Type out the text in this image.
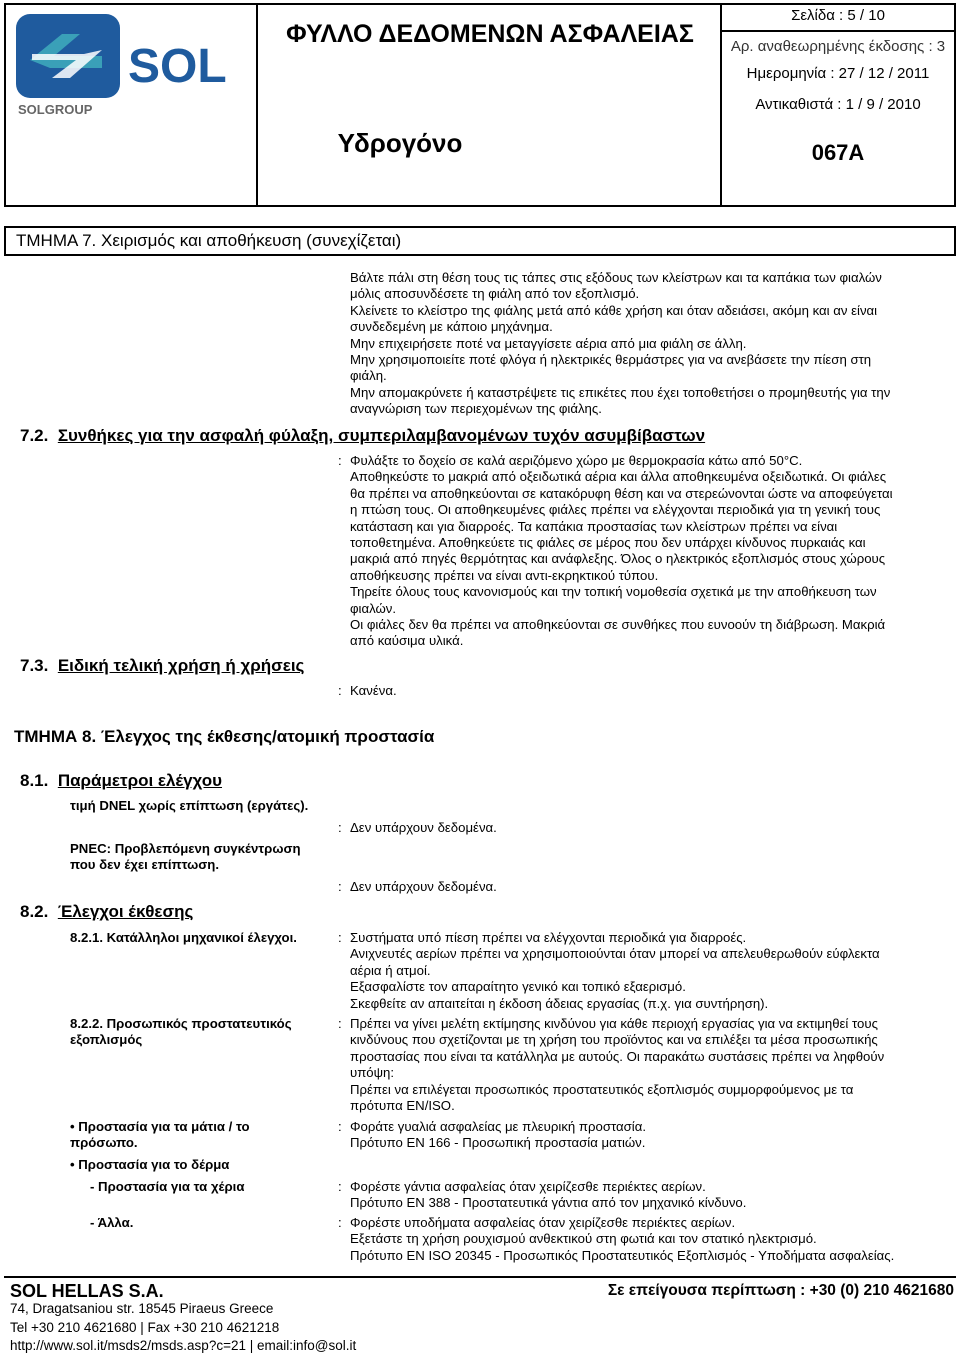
SOL
SOLGROUP
ΦΥΛΛΟ ΔΕΔΟΜΕΝΩΝ ΑΣΦΑΛΕΙΑΣ
Υδρογόνο
Σελίδα : 5 / 10
Αρ. αναθεωρημένης έκδοσης : 3
Ημερομηνία : 27 / 12 / 2011
Αντικαθιστά : 1 / 9 / 2010
067A
ΤΜΗΜΑ 7. Χειρισμός και αποθήκευση (συνεχίζεται)
Βάλτε πάλι στη θέση τους τις τάπες στις εξόδους των κλείστρων και τα καπάκια των φιαλών
μόλις αποσυνδέσετε τη φιάλη από τον εξοπλισμό.
Κλείνετε το κλείστρο της φιάλης μετά από κάθε χρήση και όταν αδειάσει, ακόμη και αν είναι
συνδεδεμένη με κάποιο μηχάνημα.
Μην επιχειρήσετε ποτέ να μεταγγίσετε αέρια από μια φιάλη σε άλλη.
Μην χρησιμοποιείτε ποτέ φλόγα ή ηλεκτρικές θερμάστρες για να ανεβάσετε την πίεση στη
φιάλη.
Μην απομακρύνετε ή καταστρέψετε τις επικέτες που έχει τοποθετήσει ο προμηθευτής για την
αναγνώριση των περιεχομένων της φιάλης.
7.2. Συνθήκες για την ασφαλή φύλαξη, συμπεριλαμβανομένων τυχόν ασυμβίβαστων
: Φυλάξτε το δοχείο σε καλά αεριζόμενο χώρο με θερμοκρασία κάτω από 50°C.
Αποθηκεύστε το μακριά από οξειδωτικά αέρια και άλλα αποθηκευμένα οξειδωτικά. Οι φιάλες
θα πρέπει να αποθηκεύονται σε κατακόρυφη θέση και να στερεώνονται ώστε να αποφεύγεται
η πτώση τους. Οι αποθηκευμένες φιάλες πρέπει να ελέγχονται περιοδικά για τη γενική τους
κατάσταση και για διαρροές. Τα καπάκια προστασίας των κλείστρων πρέπει να είναι
τοποθετημένα. Αποθηκεύετε τις φιάλες σε μέρος που δεν υπάρχει κίνδυνος πυρκαιάς και
μακριά από πηγές θερμότητας και ανάφλεξης. Όλος ο ηλεκτρικός εξοπλισμός στους χώρους
αποθήκευσης πρέπει να είναι αντι-εκρηκτικού τύπου.
Τηρείτε όλους τους κανονισμούς και την τοπική νομοθεσία σχετικά με την αποθήκευση των
φιαλών.
Οι φιάλες δεν θα πρέπει να αποθηκεύονται σε συνθήκες που ευνοούν τη διάβρωση. Μακριά
από καύσιμα υλικά.
7.3. Ειδική τελική χρήση ή χρήσεις
: Κανένα.
ΤΜΗΜΑ 8. Έλεγχος της έκθεσης/ατομική προστασία
8.1. Παράμετροι ελέγχου
τιμή DNEL χωρίς επίπτωση (εργάτες).
: Δεν υπάρχουν δεδομένα.
PNEC: Προβλεπόμενη συγκέντρωση
που δεν έχει επίπτωση.
: Δεν υπάρχουν δεδομένα.
8.2. Έλεγχοι έκθεσης
8.2.1. Κατάλληλοι μηχανικοί έλεγχοι.	: Συστήματα υπό πίεση πρέπει να ελέγχονται περιοδικά για διαρροές.
Ανιχνευτές αερίων πρέπει να χρησιμοποιούνται όταν μπορεί να απελευθερωθούν εύφλεκτα
αέρια ή ατμοί.
Εξασφαλίστε τον απαραίτητο γενικό και τοπικό εξαερισμό.
Σκεφθείτε αν απαιτείται η έκδοση άδειας εργασίας (π.χ. για συντήρηση).
8.2.2. Προσωπικός προστατευτικός
εξοπλισμός
: Πρέπει να γίνει μελέτη εκτίμησης κινδύνου για κάθε περιοχή εργασίας για να εκτιμηθεί τους
κινδύνους που σχετίζονται με τη χρήση του προϊόντος και να επιλέξει τα μέσα προσωπικής
προστασίας που είναι τα κατάλληλα με αυτούς. Οι παρακάτω συστάσεις πρέπει να ληφθούν
υπόψη:
Πρέπει να επιλέγεται προσωπικός προστατευτικός εξοπλισμός συμμορφούμενος με τα
πρότυπα EN/ISO.
• Προστασία για τα μάτια / το
πρόσωπο.
: Φοράτε γυαλιά ασφαλείας με πλευρική προστασία.
Πρότυπο EN 166 - Προσωπική προστασία ματιών.
• Προστασία για το δέρμα
- Προστασία για τα χέρια	: Φορέστε γάντια ασφαλείας όταν χειρίζεσθε περιέκτες αερίων.
Πρότυπο EN 388 - Προστατευτικά γάντια από τον μηχανικό κίνδυνο.
- Άλλα.	: Φορέστε υποδήματα ασφαλείας όταν χειρίζεσθε περιέκτες αερίων.
Εξετάστε τη χρήση ρουχισμού ανθεκτικού στη φωτιά και τον στατικό ηλεκτρισμό.
Πρότυπο EN ISO 20345 - Προσωπικός Προστατευτικός Εξοπλισμός - Υποδήματα ασφαλείας.
SOL HELLAS S.A.
74, Dragatsaniou str. 18545 Piraeus Greece
Tel +30 210 4621680 | Fax +30 210 4621218
http://www.sol.it/msds2/msds.asp?c=21 | email:info@sol.it
Σε επείγουσα περίπτωση : +30 (0) 210 4621680
